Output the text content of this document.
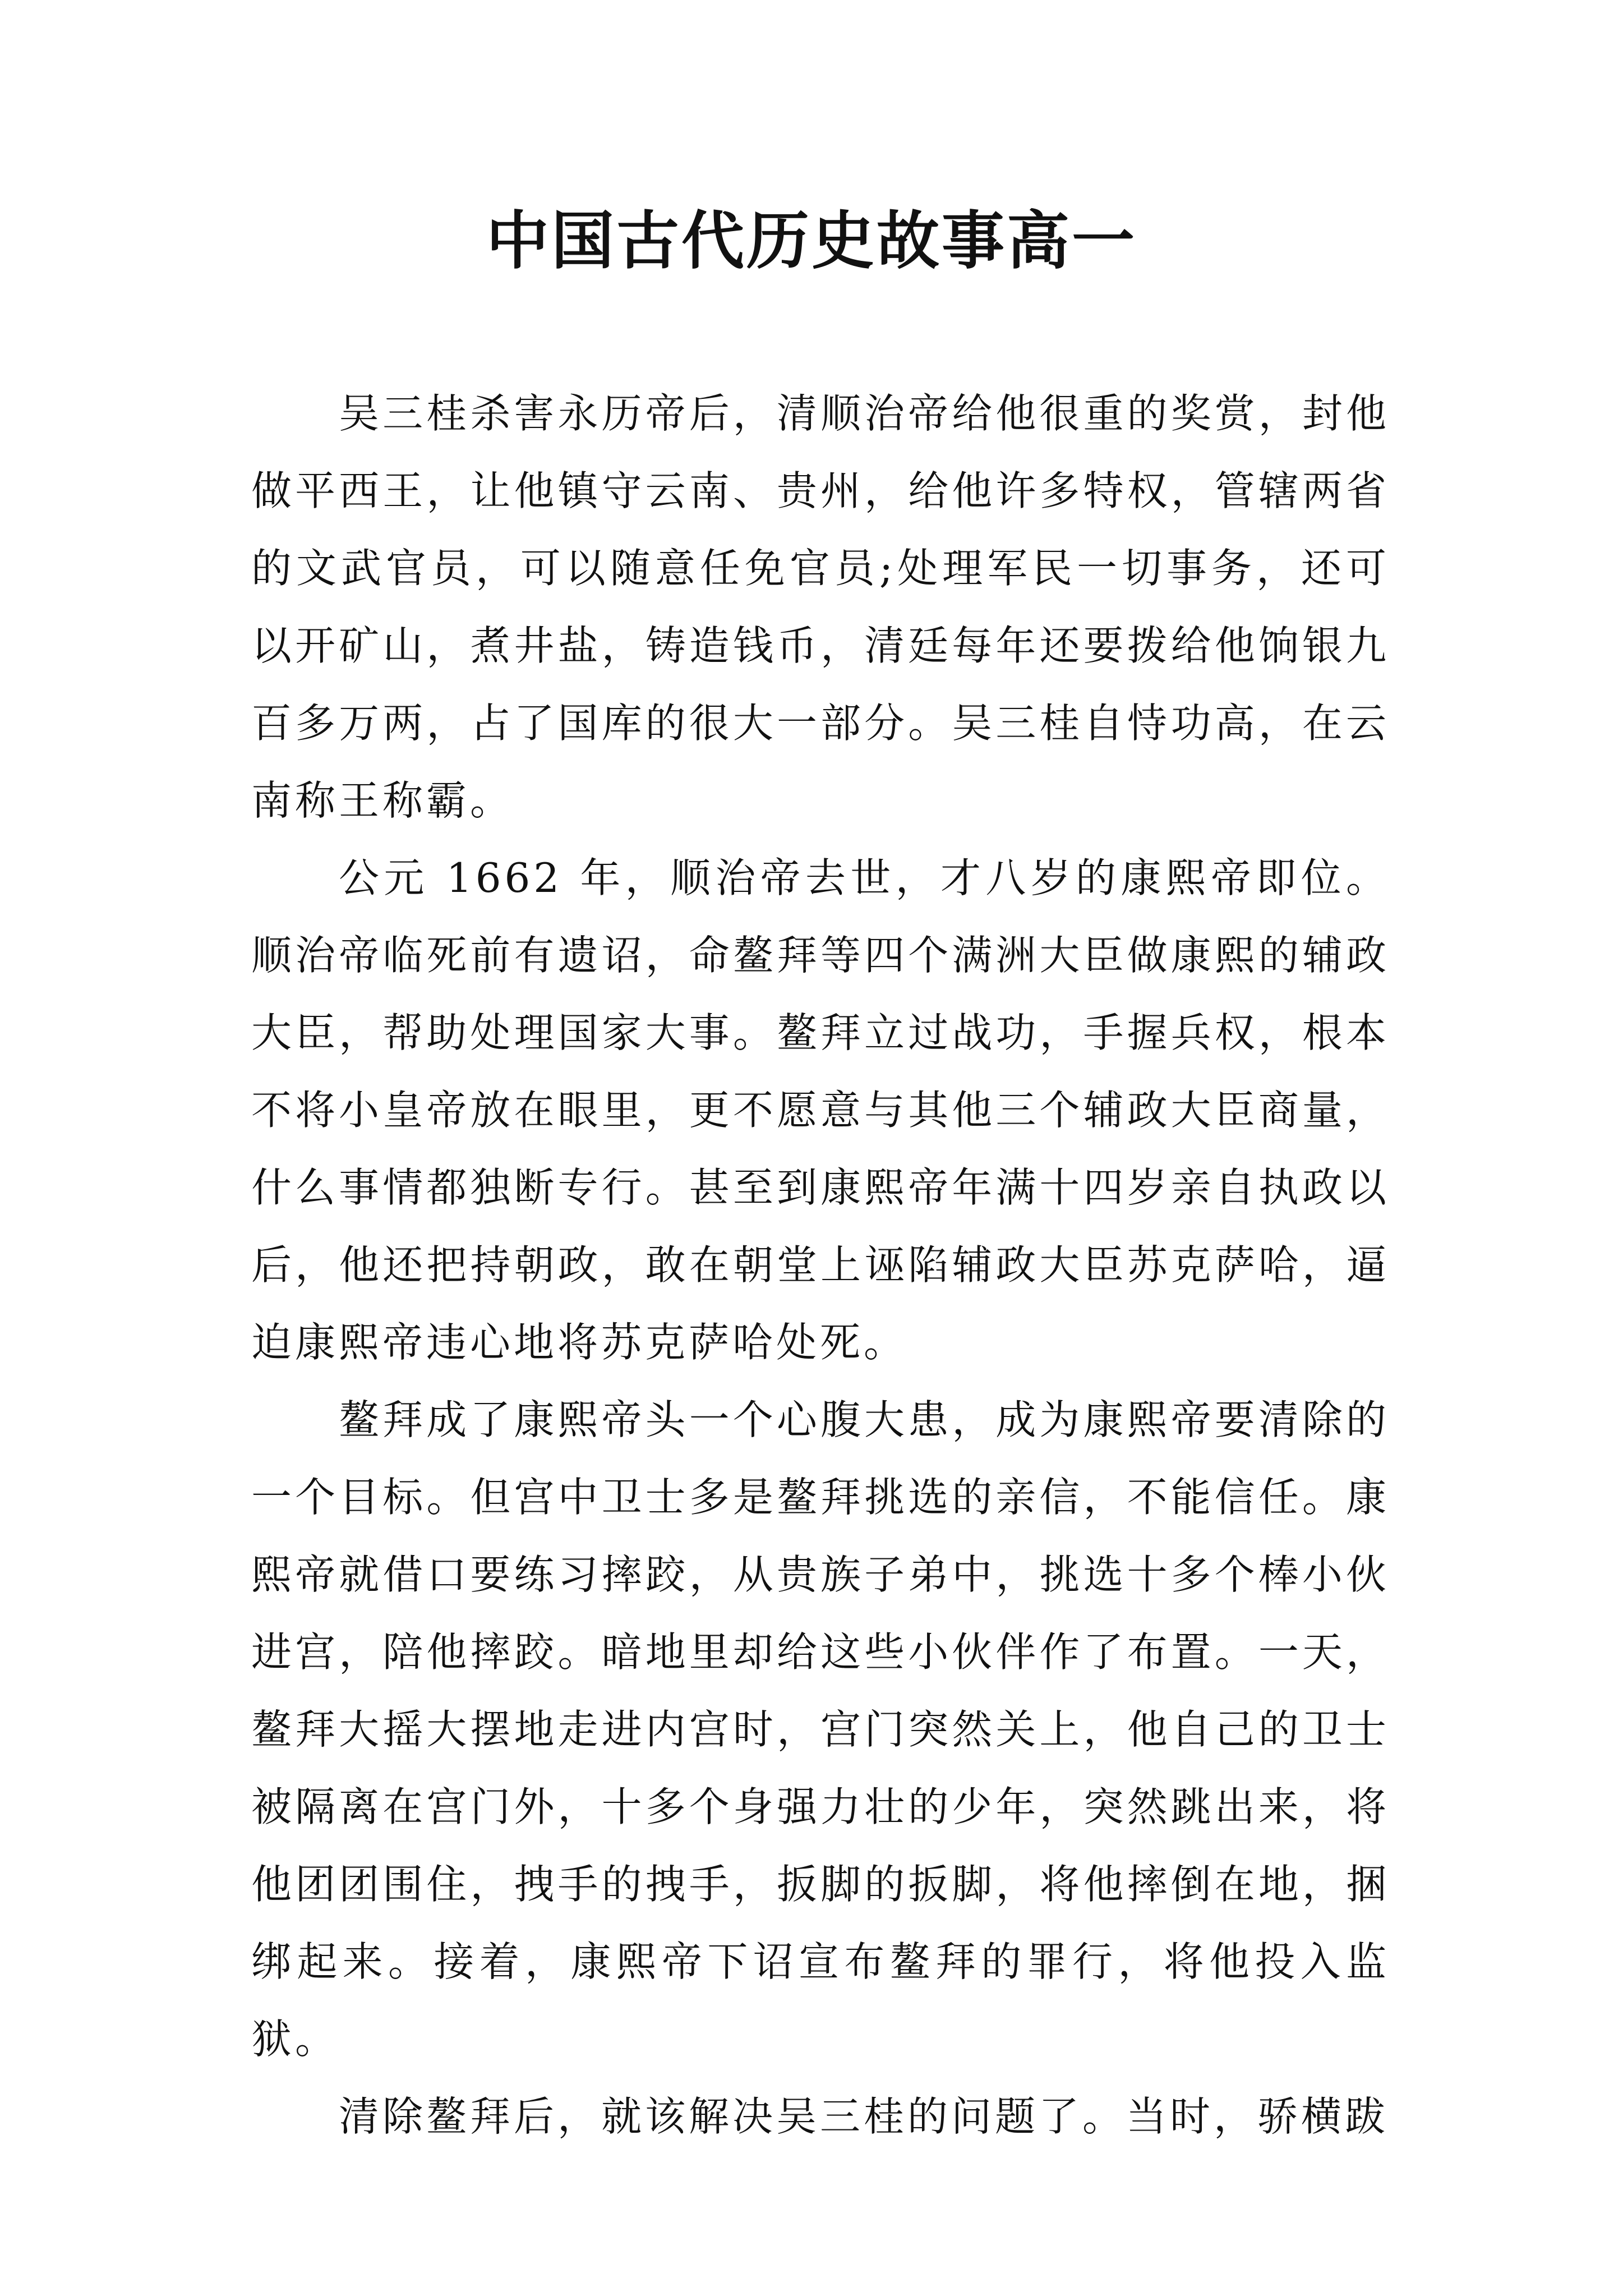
中国古代历史故事高一

吴三桂杀害永历帝后，清顺治帝给他很重的奖赏，封他做平西王，让他镇守云南、贵州，给他许多特权，管辖两省的文武官员，可以随意任免官员;处理军民一切事务，还可以开矿山，煮井盐，铸造钱币，清廷每年还要拨给他饷银九百多万两，占了国库的很大一部分。吴三桂自恃功高，在云南称王称霸。

公元 1662 年，顺治帝去世，才八岁的康熙帝即位。顺治帝临死前有遗诏，命鳌拜等四个满洲大臣做康熙的辅政大臣，帮助处理国家大事。鳌拜立过战功，手握兵权，根本不将小皇帝放在眼里，更不愿意与其他三个辅政大臣商量，什么事情都独断专行。甚至到康熙帝年满十四岁亲自执政以后，他还把持朝政，敢在朝堂上诬陷辅政大臣苏克萨哈，逼迫康熙帝违心地将苏克萨哈处死。

鳌拜成了康熙帝头一个心腹大患，成为康熙帝要清除的一个目标。但宫中卫士多是鳌拜挑选的亲信，不能信任。康熙帝就借口要练习摔跤，从贵族子弟中，挑选十多个棒小伙进宫，陪他摔跤。暗地里却给这些小伙伴作了布置。一天，鳌拜大摇大摆地走进内宫时，宫门突然关上，他自己的卫士被隔离在宫门外，十多个身强力壮的少年，突然跳出来，将他团团围住，拽手的拽手，扳脚的扳脚，将他摔倒在地，捆绑起来。接着，康熙帝下诏宣布鳌拜的罪行，将他投入监狱。

清除鳌拜后，就该解决吴三桂的问题了。当时，骄横跋
